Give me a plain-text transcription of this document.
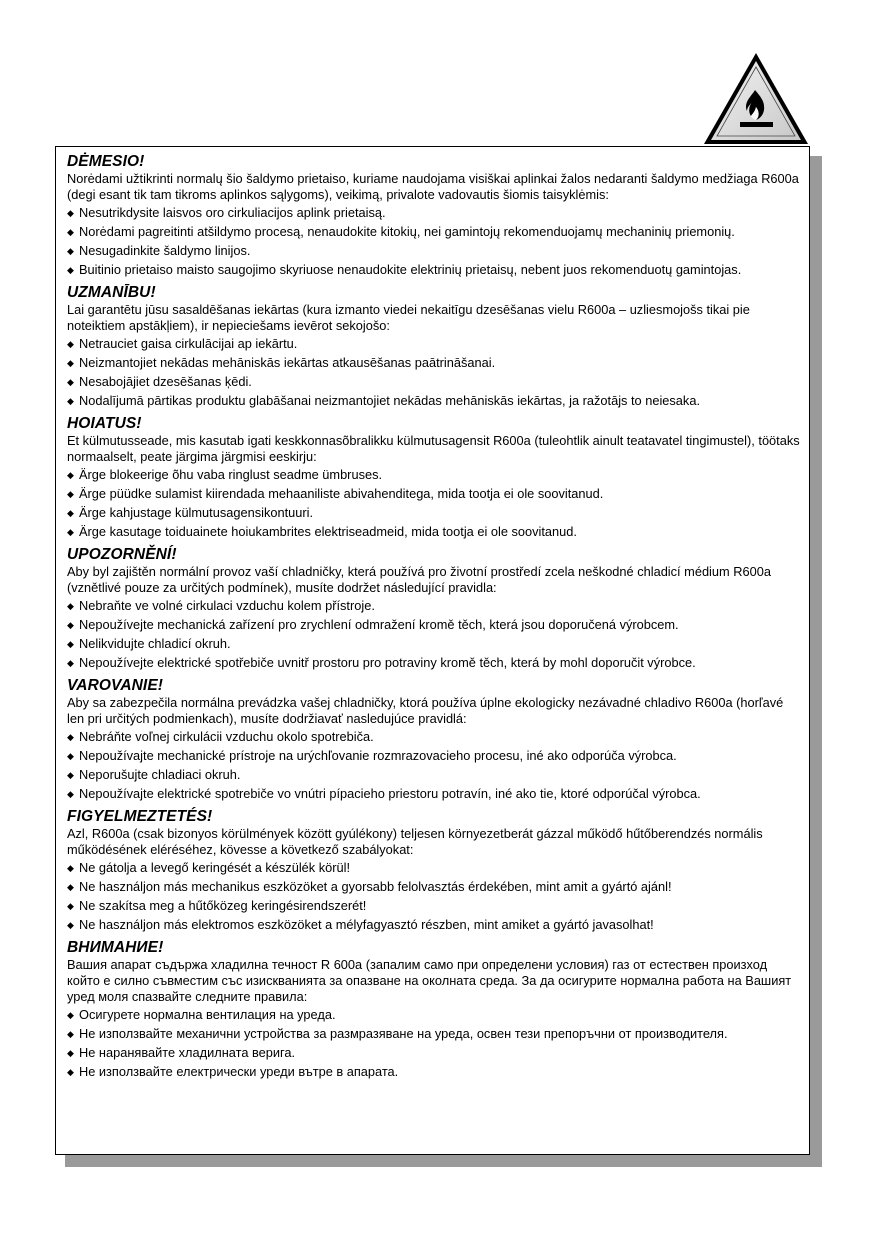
DĖMESIO!

Norėdami užtikrinti normalų šio šaldymo prietaiso, kuriame naudojama visiškai aplinkai žalos nedaranti šaldymo medžiaga R600a (degi esant tik tam tikroms aplinkos sąlygoms), veikimą, privalote vadovautis šiomis taisyklėmis:

◆ Nesutrikdysite laisvos oro cirkuliacijos aplink prietaisą.
◆ Norėdami pagreitinti atšildymo procesą, nenaudokite kitokių, nei gamintojų rekomenduojamų mechaninių priemonių.
◆ Nesugadinkite šaldymo linijos.
◆ Buitinio prietaiso maisto saugojimo skyriuose nenaudokite elektrinių prietaisų, nebent juos rekomenduotų gamintojas.
UZMANĪBU!

Lai garantētu jūsu sasaldēšanas iekārtas (kura izmanto viedei nekaitīgu dzesēšanas vielu R600a – uzliesmojošs tikai pie noteiktiem apstākļiem), ir nepieciešams ievērot sekojošo:

◆ Netrauciet gaisa cirkulācijai ap iekārtu.
◆ Neizmantojiet nekādas mehāniskās iekārtas atkausēšanas paātrināšanai.
◆ Nesabojājiet dzesēšanas ķēdi.
◆ Nodalījumā pārtikas produktu glabāšanai neizmantojiet nekādas mehāniskās iekārtas, ja ražotājs to neiesaka.
HOIATUS!

Et külmutusseade, mis kasutab igati keskkonnasõbralikku külmutusagensit R600a (tuleohtlik ainult teatavatel tingimustel), töötaks normaalselt, peate järgima järgmisi eeskirju:

◆ Ärge blokeerige õhu vaba ringlust seadme ümbruses.
◆ Ärge püüdke sulamist kiirendada mehaaniliste abivahenditega, mida tootja ei ole soovitanud.
◆ Ärge kahjustage külmutusagensikontuuri.
◆ Ärge kasutage toiduainete hoiukambrites elektriseadmeid, mida tootja ei ole soovitanud.
UPOZORNĚNÍ!

Aby byl zajištěn normální provoz vaší chladničky, která používá pro životní prostředí zcela neškodné chladicí médium R600a (vznětlivé pouze za určitých podmínek), musíte dodržet následující pravidla:

◆ Nebraňte ve volné cirkulaci vzduchu kolem přístroje.
◆ Nepoužívejte mechanická zařízení pro zrychlení odmražení kromě těch, která jsou doporučená výrobcem.
◆ Nelikvidujte chladicí okruh.
◆ Nepoužívejte elektrické spotřebiče uvnitř prostoru pro potraviny kromě těch, která by mohl doporučit výrobce.
VAROVANIE!

Aby sa zabezpečila normálna prevádzka vašej chladničky, ktorá používa úplne ekologicky nezávadné chladivo R600a (horľavé len pri určitých podmienkach), musíte dodržiavať nasledujúce pravidlá:

◆ Nebráňte voľnej cirkulácii vzduchu okolo spotrebiča.
◆ Nepoužívajte mechanické prístroje na urýchľovanie rozmrazovacieho procesu, iné ako odporúča výrobca.
◆ Neporušujte chladiaci okruh.
◆ Nepoužívajte elektrické spotrebiče vo vnútri pípacieho priestoru potravín, iné ako tie, ktoré odporúčal výrobca.
FIGYELMEZTETÉS!

Azl, R600a (csak bizonyos körülmények között gyúlékony) teljesen környezetberát gázzal működő hűtőberendzés normális működésének eléréséhez, kövesse a következő szabályokat:

◆ Ne gátolja a levegő keringését a készülék körül!
◆ Ne használjon más mechanikus eszközöket a gyorsabb felolvasztás érdekében, mint amit a gyártó ajánl!
◆ Ne szakítsa meg a hűtőközeg keringésirendszerét!
◆ Ne használjon más elektromos eszközöket a mélyfagyasztó részben, mint amiket a gyártó javasolhat!
ВНИМАНИЕ!

Вашия апарат съдържа хладилна течност R 600a (запалим само при определени условия) газ от естествен произход който е силно съвместим със изискванията за опазване на околната среда. За да осигурите нормална работа на Вашият уред моля спазвайте следните правила:

◆ Осигурете нормална вентилация на уреда.
◆ Не използвайте механични устройства за размразяване на уреда, освен тези препоръчни от производителя.
◆ Не наранявайте хладилната верига.
◆ Не използвайте електрически уреди вътре в апарата.
